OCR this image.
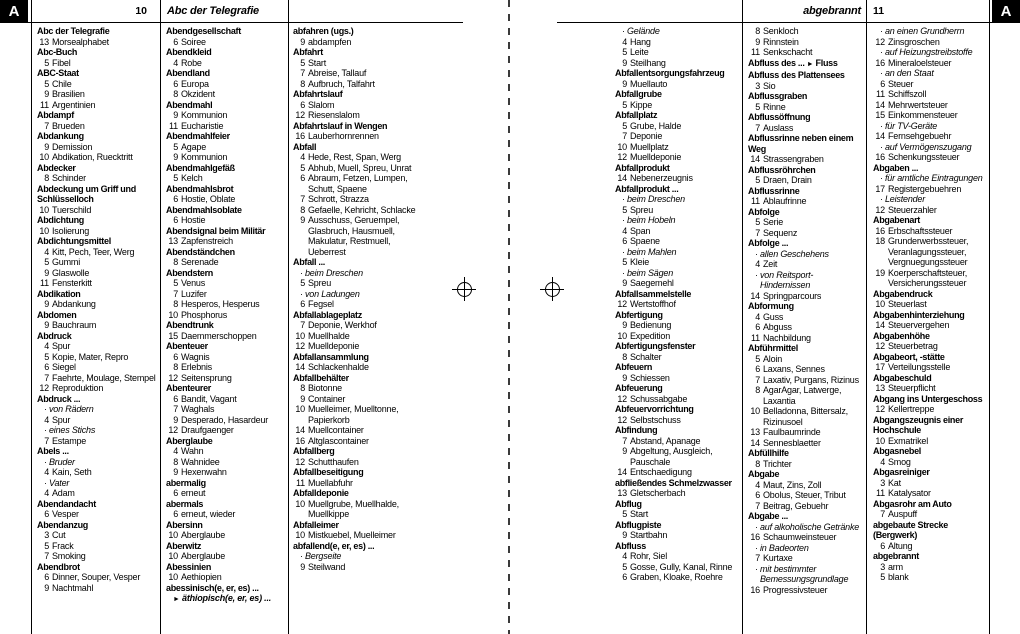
A	10 Abc der Telegrafie	A
abgebrannt 11
Abc der Telegrafie
13 Morsealphabet
Abc-Buch
5 Fibel
ABC-Staat
5 Chile
9 Brasilien
11 Argentinien
Abdampf
7 Brueden
Abdankung
9 Demission
10 Abdikation, Ruecktritt
Abdecker
8 Schinder
Abdeckung um Griff und Schlüsselloch
10 Tuerschild
Abdichtung
10 Isolierung
Abdichtungsmittel
4 Kitt, Pech, Teer, Werg
5 Gummi
9 Glaswolle
11 Fensterkitt
Abdikation
9 Abdankung
Abdomen
9 Bauchraum
Abdruck
4 Spur
5 Kopie, Mater, Repro
6 Siegel
7 Faehrte, Moulage, Stempel
12 Reproduktion
Abdruck ...
· von Rädern
4 Spur
· eines Stichs
7 Estampe
Abels ...
· Bruder
4 Kain, Seth
· Vater
4 Adam
Abendandacht
6 Vesper
Abendanzug
3 Cut
5 Frack
7 Smoking
Abendbrot
6 Dinner, Souper, Vesper
9 Nachtmahl
Abendgesellschaft
6 Soiree
Abendkleid
4 Robe
Abendland
6 Europa
8 Okzident
Abendmahl
9 Kommunion
11 Eucharistie
Abendmahlfeier
5 Agape
9 Kommunion
Abendmahlgefäß
5 Kelch
Abendmahlsbrot
6 Hostie, Oblate
Abendmahlsoblate
6 Hostie
Abendsignal beim Militär
13 Zapfenstreich
Abendständchen
8 Serenade
Abendstern
5 Venus
7 Luzifer
8 Hesperos, Hesperus
10 Phosphorus
Abendtrunk
15 Daemmerschoppen
Abenteuer
6 Wagnis
8 Erlebnis
12 Seitensprung
Abenteurer
6 Bandit, Vagant
7 Waghals
9 Desperado, Hasardeur
12 Draufgaenger
Aberglaube
4 Wahn
8 Wahnidee
9 Hexenwahn
abermalig
6 erneut
abermals
6 erneut, wieder
Abersinn
10 Aberglaube
Aberwitz
10 Aberglaube
Abessinien
10 Aethiopien
abessinisch(e, er, es) ...
► äthiopisch(e, er, es) ...
abfahren (ugs.)
9 abdampfen
Abfahrt
5 Start
7 Abreise, Tallauf
8 Aufbruch, Talfahrt
Abfahrtslauf
6 Slalom
12 Riesenslalom
Abfahrtslauf in Wengen
16 Lauberhornrennen
Abfall
4 Hede, Rest, Span, Werg
5 Abhub, Muell, Spreu, Unrat
6 Abraum, Fetzen, Lumpen, Schutt, Spaene
7 Schrott, Strazza
8 Gefaelle, Kehricht, Schlacke
9 Ausschuss, Geruempel, Glasbruch, Hausmuell, Makulatur, Restmuell, Ueberrest
Abfall ...
· beim Dreschen
5 Spreu
· von Ladungen
6 Fegsel
Abfallablageplatz
7 Deponie, Werkhof
10 Muellhalde
12 Muelldeponie
Abfallansammlung
14 Schlackenhalde
Abfallbehälter
8 Biotonne
9 Container
10 Muelleimer, Muelltonne, Papierkorb
14 Muellcontainer
16 Altglascontainer
Abfallberg
12 Schutthaufen
Abfallbeseitigung
11 Muellabfuhr
Abfalldeponie
10 Muellgrube, Muellhalde, Muellkippe
Abfalleimer
10 Mistkuebel, Muelleimer
abfallend(e, er, es) ...
· Bergseite
9 Steilwand
· Gelände
4 Hang
5 Leite
9 Steilhang
Abfallentsorgungsfahrzeug
9 Muellauto
Abfallgrube
5 Kippe
Abfallplatz
5 Grube, Halde
7 Deponie
10 Muellplatz
12 Muelldeponie
Abfallprodukt
14 Nebenerzeugnis
Abfallprodukt ...
· beim Dreschen
5 Spreu
· beim Hobeln
4 Span
6 Spaene
· beim Mahlen
5 Kleie
· beim Sägen
9 Saegemehl
Abfallsammelstelle
12 Wertstoffhof
Abfertigung
9 Bedienung
10 Expedition
Abfertigungsfenster
8 Schalter
Abfeuern
9 Schiessen
Abfeuerung
12 Schussabgabe
Abfeuervorrichtung
12 Selbstschuss
Abfindung
7 Abstand, Apanage
9 Abgeltung, Ausgleich, Pauschale
14 Entschaedigung
abfließendes Schmelzwasser
13 Gletscherbach
Abflug
5 Start
Abflugpiste
9 Startbahn
Abfluss
4 Rohr, Siel
5 Gosse, Gully, Kanal, Rinne
6 Graben, Kloake, Roehre
8 Senkloch
9 Rinnstein
11 Senkschacht
Abfluss des ... ► Fluss
Abfluss des Plattensees
3 Sio
Abflussgraben
5 Rinne
Abflussöffnung
7 Auslass
Abflussrinne neben einem Weg
14 Strassengraben
Abflussröhrchen
5 Draen, Drain
Abflussrinne
11 Ablaufrinne
Abfolge
5 Serie
7 Sequenz
Abfolge ...
· allen Geschehens
4 Zeit
· von Reitsport-Hindernissen
14 Springparcours
Abformung
4 Guss
6 Abguss
11 Nachbildung
Abführmittel
5 Aloin
6 Laxans, Sennes
7 Laxativ, Purgans, Rizinus
8 AgarAgar, Latwerge, Laxantia
10 Belladonna, Bittersalz, Rizinusoel
13 Faulbaumrinde
14 Sennesblaetter
Abfüllhilfe
8 Trichter
Abgabe
4 Maut, Zins, Zoll
6 Obolus, Steuer, Tribut
7 Beitrag, Gebuehr
Abgabe ...
· auf alkoholische Getränke
16 Schaumweinsteuer
· in Badeorten
7 Kurtaxe
· mit bestimmter Bemessungsgrundlage
16 Progressivsteuer
· an einen Grundherrn
12 Zinsgroschen
· auf Heizungstreibstoffe
16 Mineraloelsteuer
· an den Staat
6 Steuer
11 Schiffszoll
14 Mehrwertsteuer
15 Einkommensteuer
· für TV-Geräte
14 Fernsehgebuehr
· auf Vermögenszugang
16 Schenkungssteuer
Abgaben ...
· für amtliche Eintragungen
17 Registergebuehren
· Leistender
12 Steuerzahler
Abgabenart
16 Erbschaftssteuer
18 Grunderwerbssteuer, Veranlagungssteuer, Vergnuegungssteuer
19 Koerperschaftsteuer, Versicherungssteuer
Abgabendruck
10 Steuerlast
Abgabenhinterziehung
14 Steuervergehen
Abgabenhöhe
12 Steuerbetrag
Abgabeort, -stätte
17 Verteilungsstelle
Abgabeschuld
13 Steuerpflicht
Abgang ins Untergeschoss
12 Kellertreppe
Abgangszeugnis einer Hochschule
10 Exmatrikel
Abgasnebel
4 Smog
Abgasreiniger
3 Kat
11 Katalysator
Abgasrohr am Auto
7 Auspuff
abgebaute Strecke (Bergwerk)
6 Altung
abgebrannt
3 arm
5 blank
